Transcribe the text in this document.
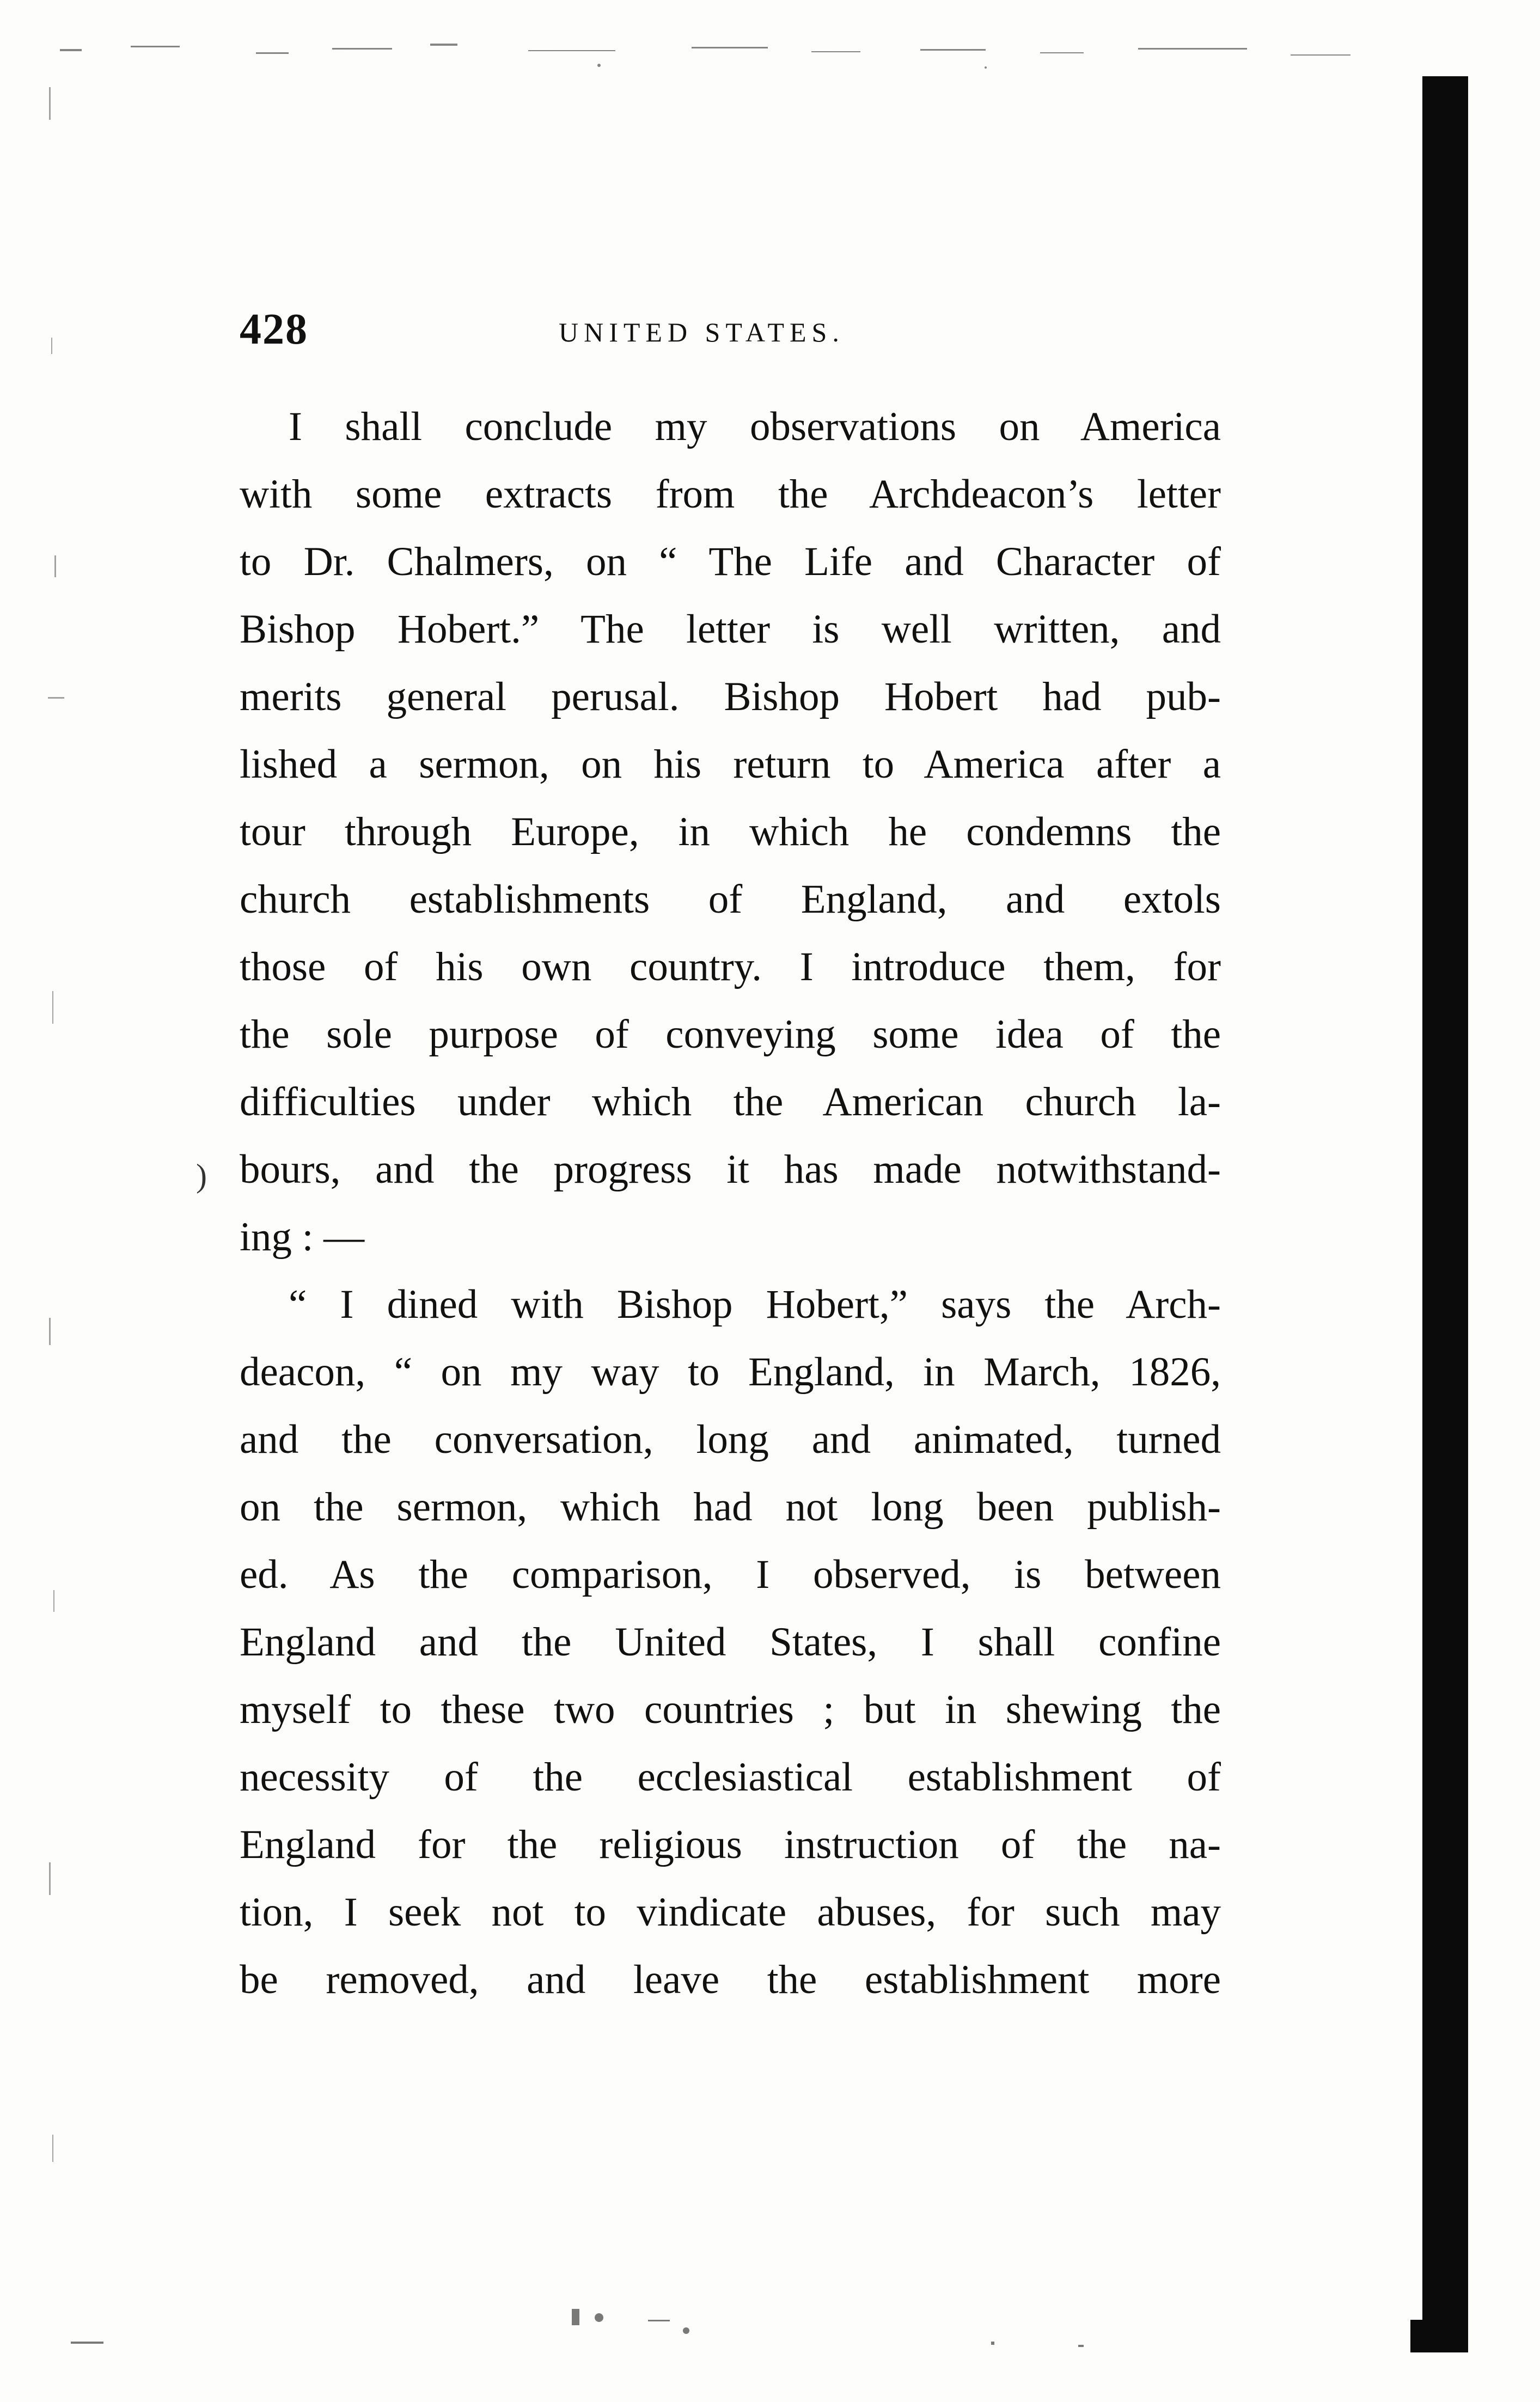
428	UNITED STATES.
)
I shall conclude my observations on America
with some extracts from the Archdeacon’s letter
to Dr. Chalmers, on “ The Life and Character of
Bishop Hobert.” The letter is well written, and
merits general perusal. Bishop Hobert had pub-
lished a sermon, on his return to America after a
tour through Europe, in which he condemns the
church establishments of England, and extols
those of his own country. I introduce them, for
the sole purpose of conveying some idea of the
difficulties under which the American church la-
bours, and the progress it has made notwithstand-
ing : —
“ I dined with Bishop Hobert,” says the Arch-
deacon, “ on my way to England, in March, 1826,
and the conversation, long and animated, turned
on the sermon, which had not long been publish-
ed. As the comparison, I observed, is between
England and the United States, I shall confine
myself to these two countries ; but in shewing the
necessity of the ecclesiastical establishment of
England for the religious instruction of the na-
tion, I seek not to vindicate abuses, for such may
be removed, and leave the establishment more
